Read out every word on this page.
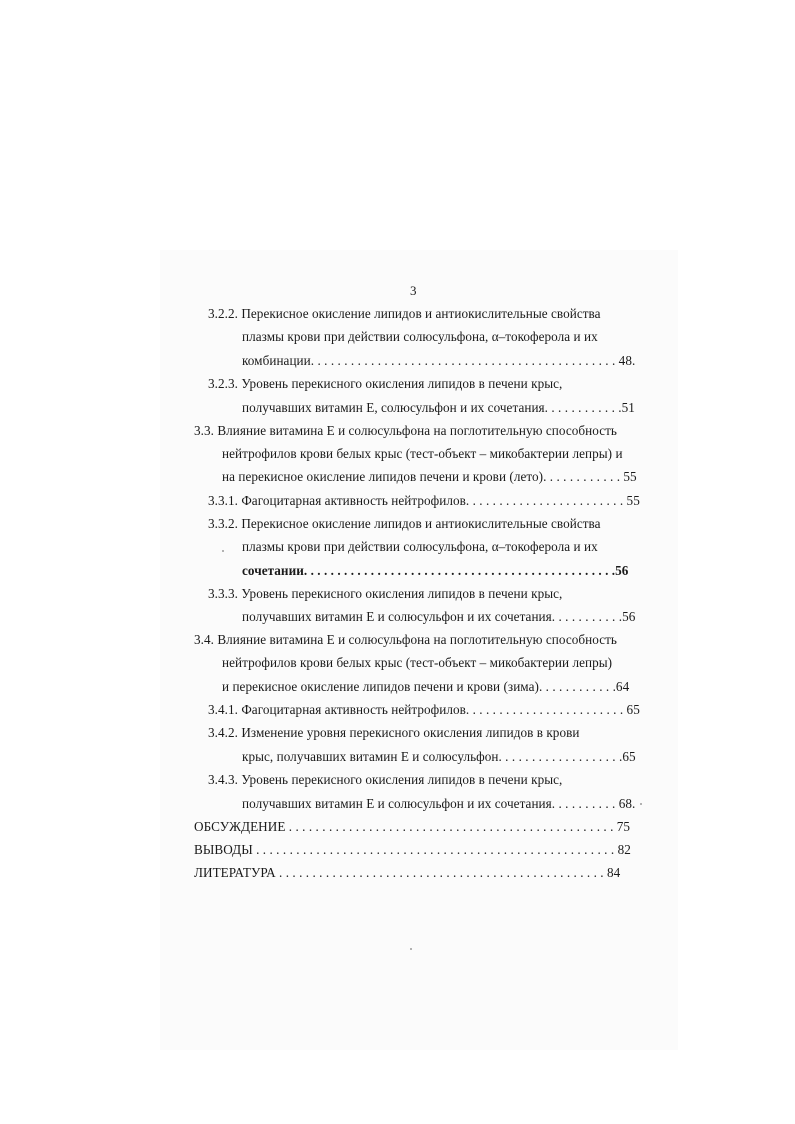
3
3.2.2. Перекисное окисление липидов и антиокислительные свойства
плазмы крови при действии солюсульфона, α–токоферола и их
комбинации. . . . . . . . . . . . . . . . . . . . . . . . . . . . . . . . . . . . . . . . . . . . . . 48.
3.2.3. Уровень перекисного окисления липидов в печени крыс,
получавших витамин Е, солюсульфон и их сочетания. . . . . . . . . . . .51
3.3. Влияние витамина Е и солюсульфона на поглотительную способность
нейтрофилов крови белых крыс (тест-объект – микобактерии лепры) и
на перекисное окисление липидов печени и крови (лето). . . . . . . . . . . . 55
3.3.1. Фагоцитарная активность нейтрофилов. . . . . . . . . . . . . . . . . . . . . . . . 55
3.3.2. Перекисное окисление липидов и антиокислительные свойства
плазмы крови при действии солюсульфона, α–токоферола и их
сочетании. . . . . . . . . . . . . . . . . . . . . . . . . . . . . . . . . . . . . . . . . . . . . . .56
3.3.3. Уровень перекисного окисления липидов в печени крыс,
получавших витамин Е и солюсульфон и их сочетания. . . . . . . . . . .56
3.4. Влияние витамина Е и солюсульфона на поглотительную способность
нейтрофилов крови белых крыс (тест-объект – микобактерии лепры)
и перекисное окисление липидов печени и крови (зима). . . . . . . . . . . .64
3.4.1. Фагоцитарная активность нейтрофилов. . . . . . . . . . . . . . . . . . . . . . . . 65
3.4.2. Изменение уровня перекисного окисления липидов в крови
крыс, получавших витамин Е и солюсульфон. . . . . . . . . . . . . . . . . . .65
3.4.3. Уровень перекисного окисления липидов в печени крыс,
получавших витамин Е и солюсульфон и их сочетания. . . . . . . . . . 68.
ОБСУЖДЕНИЕ . . . . . . . . . . . . . . . . . . . . . . . . . . . . . . . . . . . . . . . . . . . . . . . . . 75
ВЫВОДЫ . . . . . . . . . . . . . . . . . . . . . . . . . . . . . . . . . . . . . . . . . . . . . . . . . . . . . . 82
ЛИТЕРАТУРА . . . . . . . . . . . . . . . . . . . . . . . . . . . . . . . . . . . . . . . . . . . . . . . . . 84
